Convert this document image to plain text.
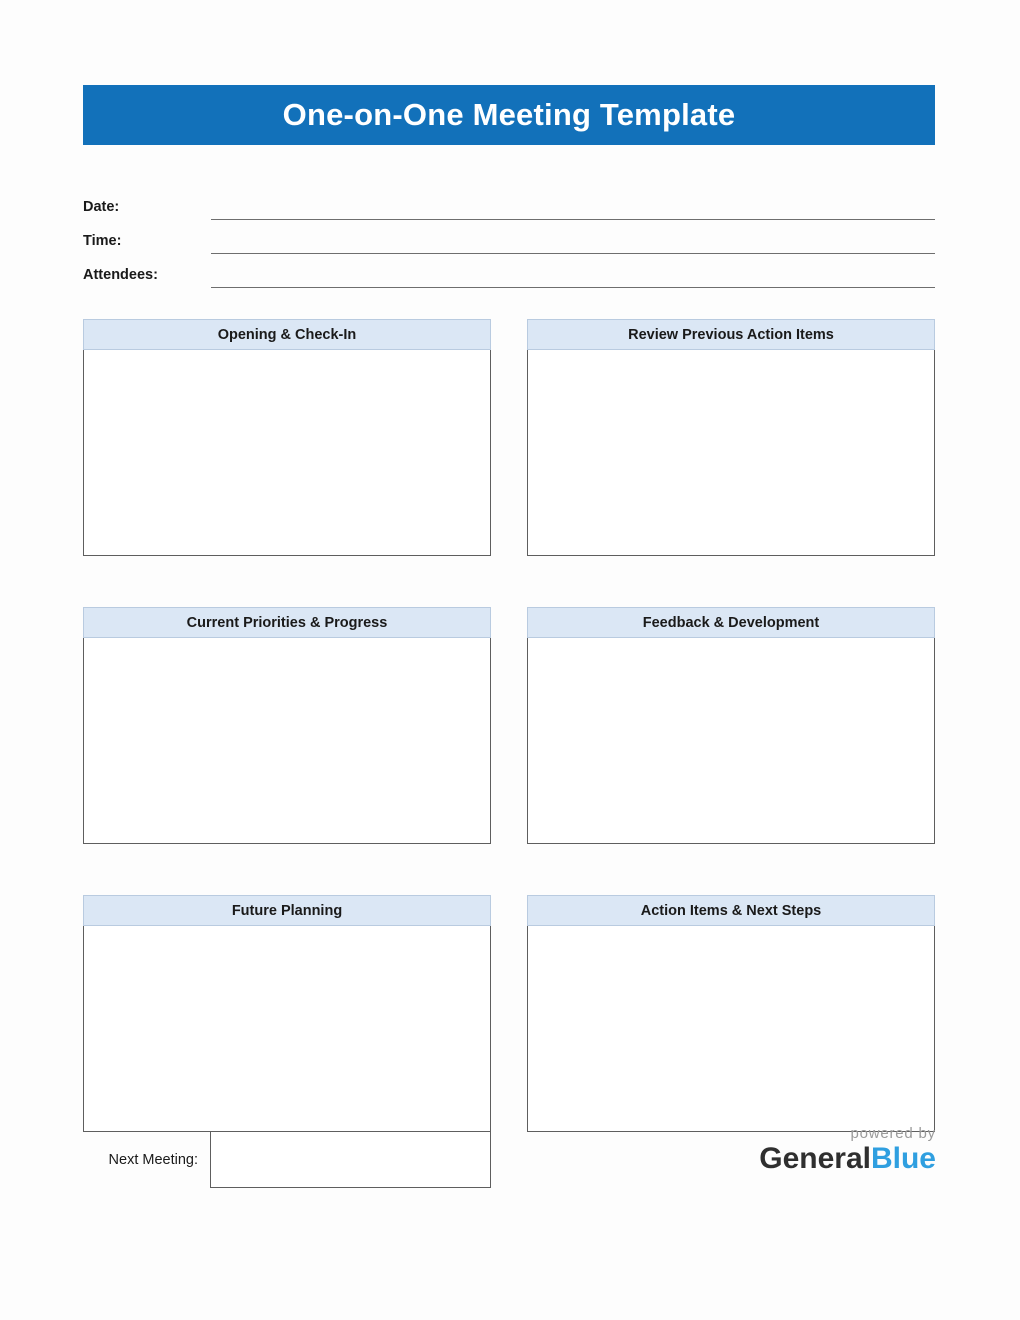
One-on-One Meeting Template
Date:
Time:
Attendees:
Opening & Check-In	Review Previous Action Items
Current Priorities & Progress	Feedback & Development
Future Planning	Action Items & Next Steps
Next Meeting:
powered by
GeneralBlue
